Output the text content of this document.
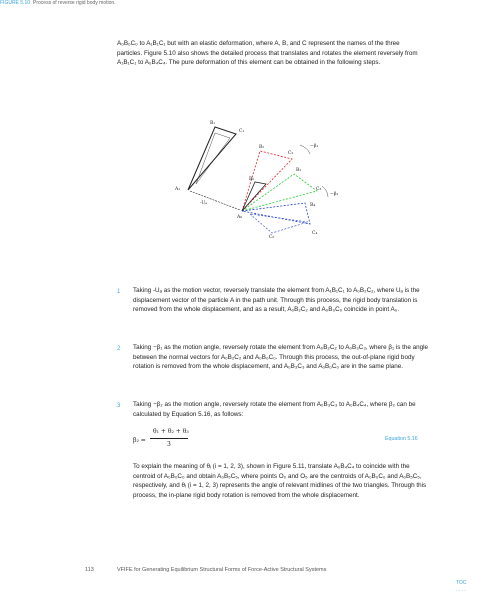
A₀B₀C₀ to A₁B₁C₁ but with an elastic deformation, where A, B, and C represent the names of the three particles. Figure 5.10 also shows the detailed process that translates and rotates the element reversely from A₁B₁C₁ to A₀B₄C₄. The pure deformation of this element can be obtained in the following steps.
B₁
C₁
A₁
-Uₐ
A₀
B₂
C₂
−β₁
B₃
C₃
−β₂
B₀
C₀
B₄
C₄
FIGURE 5.10 Process of reverse rigid body motion.
1 Taking -Uₐ as the motion vector, reversely translate the element from A₁B₁C₁ to A₀B₂C₂, where Uₐ is the displacement vector of the particle A in the path unit. Through this process, the rigid body translation is removed from the whole displacement, and as a result, A₀B₂C₂ and A₀B₀C₀ coincide in point A₀.
2 Taking −β₁ as the motion angle, reversely rotate the element from A₀B₂C₂ to A₀B₃C₃, where β₁ is the angle between the normal vectors for A₀B₂C₂ and A₀B₀C₀. Through this process, the out-of-plane rigid body rotation is removed from the whole displacement, and A₀B₃C₃ and A₀B₀C₀ are in the same plane.
3 Taking −β₂ as the motion angle, reversely rotate the element from A₀B₃C₃ to A₀B₄C₄, where β₂ can be calculated by Equation 5.16, as follows:
β₂ =
θ₁ + θ₂ + θ₃
3
Equation 5.16
To explain the meaning of θᵢ (i = 1, 2, 3), shown in Figure 5.11, translate A₀B₄C₄ to coincide with the centroid of A₀B₀C₀ and obtain A₀B₅C₅, where points O₀ and O₅ are the centroids of A₀B₀C₀ and A₀B₅C₅, respectively, and θᵢ (i = 1, 2, 3) represents the angle of relevant midlines of the two triangles. Through this process, the in-plane rigid body rotation is removed from the whole displacement.
113	VFIFE for Generating Equilibrium Structural Forms of Force-Active Structural Systems
TOC
····
